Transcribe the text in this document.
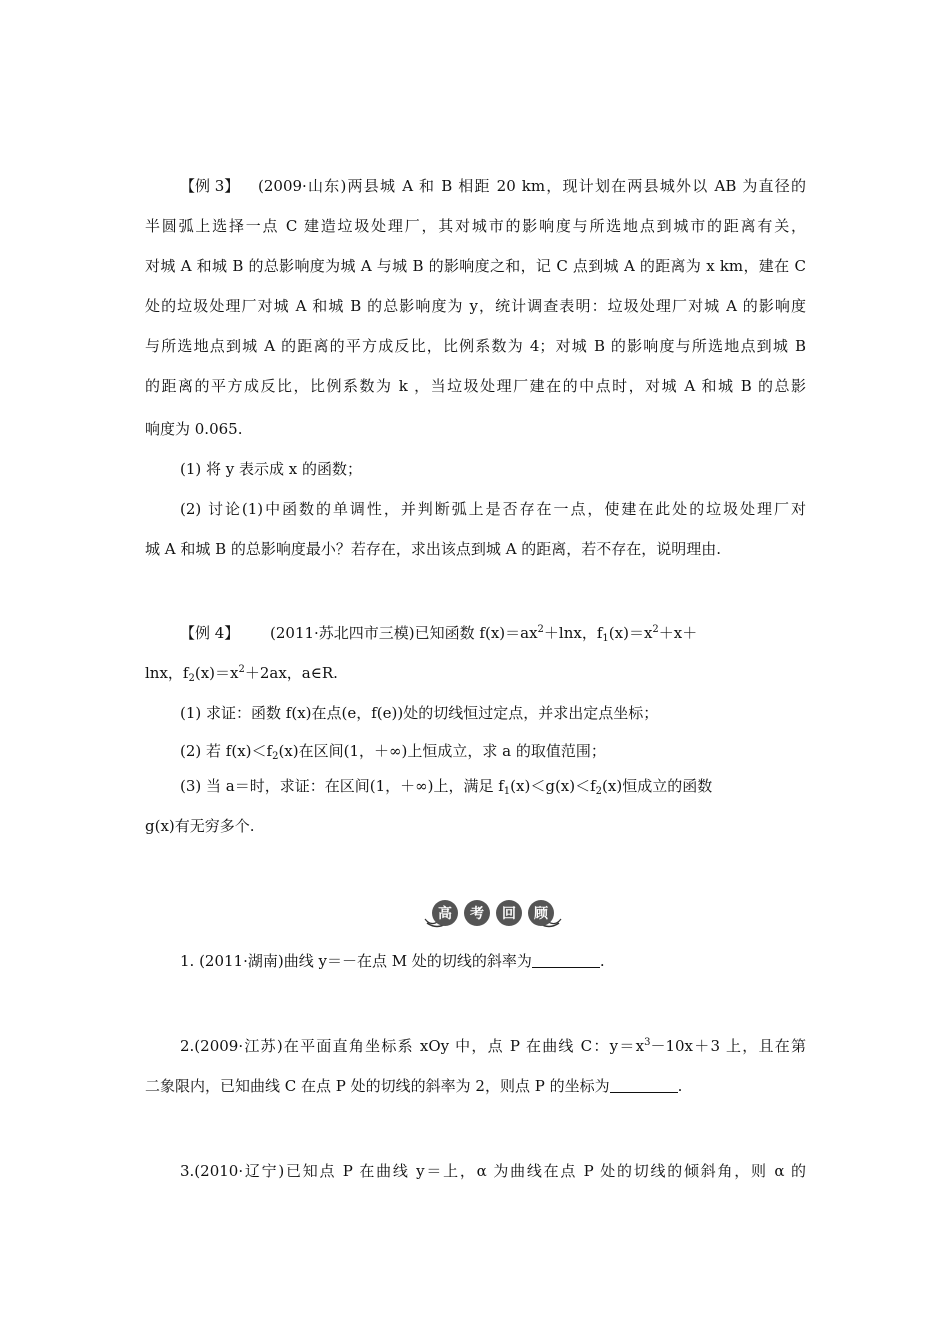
【例 3】 (2009·山东)两县城 A 和 B 相距 20 km，现计划在两县城外以 AB 为直径的
半圆弧上选择一点 C 建造垃圾处理厂，其对城市的影响度与所选地点到城市的距离有关，
对城 A 和城 B 的总影响度为城 A 与城 B 的影响度之和，记 C 点到城 A 的距离为 x km，建在 C
处的垃圾处理厂对城 A 和城 B 的总影响度为 y，统计调查表明：垃圾处理厂对城 A 的影响度
与所选地点到城 A 的距离的平方成反比，比例系数为 4；对城 B 的影响度与所选地点到城 B
的距离的平方成反比，比例系数为 k ，当垃圾处理厂建在的中点时，对城 A 和城 B 的总影
响度为 0.065.
(1) 将 y 表示成 x 的函数；
(2) 讨论(1)中函数的单调性，并判断弧上是否存在一点，使建在此处的垃圾处理厂对
城 A 和城 B 的总影响度最小？若存在，求出该点到城 A 的距离，若不存在，说明理由.
【例 4】 (2011·苏北四市三模)已知函数 $f(x)=ax^2+\ln x$，$f_1(x)=x^2+x+$
lnx，$f_2(x)=x^2+2ax$，a∈R.
(1) 求证：函数 f(x)在点(e，f(e))处的切线恒过定点，并求出定点坐标；
(2) 若 $f(x)<f_2(x)$在区间(1，＋∞)上恒成立，求 a 的取值范围；
(3) 当 a＝时，求证：在区间(1，＋∞)上，满足 $f_1(x)<g(x)<f_2(x)$恒成立的函数
g(x)有无穷多个.
高 考 回 顾
1. (2011·湖南)曲线 y＝－在点 M 处的切线的斜率为	.
2.(2009·江苏)在平面直角坐标系 xOy 中，点 P 在曲线 C：$y=x^3-10x+3$ 上，且在第
二象限内，已知曲线 C 在点 P 处的切线的斜率为 2，则点 P 的坐标为	.
3.(2010·辽宁)已知点 P 在曲线 y＝上，α 为曲线在点 P 处的切线的倾斜角，则 α 的
